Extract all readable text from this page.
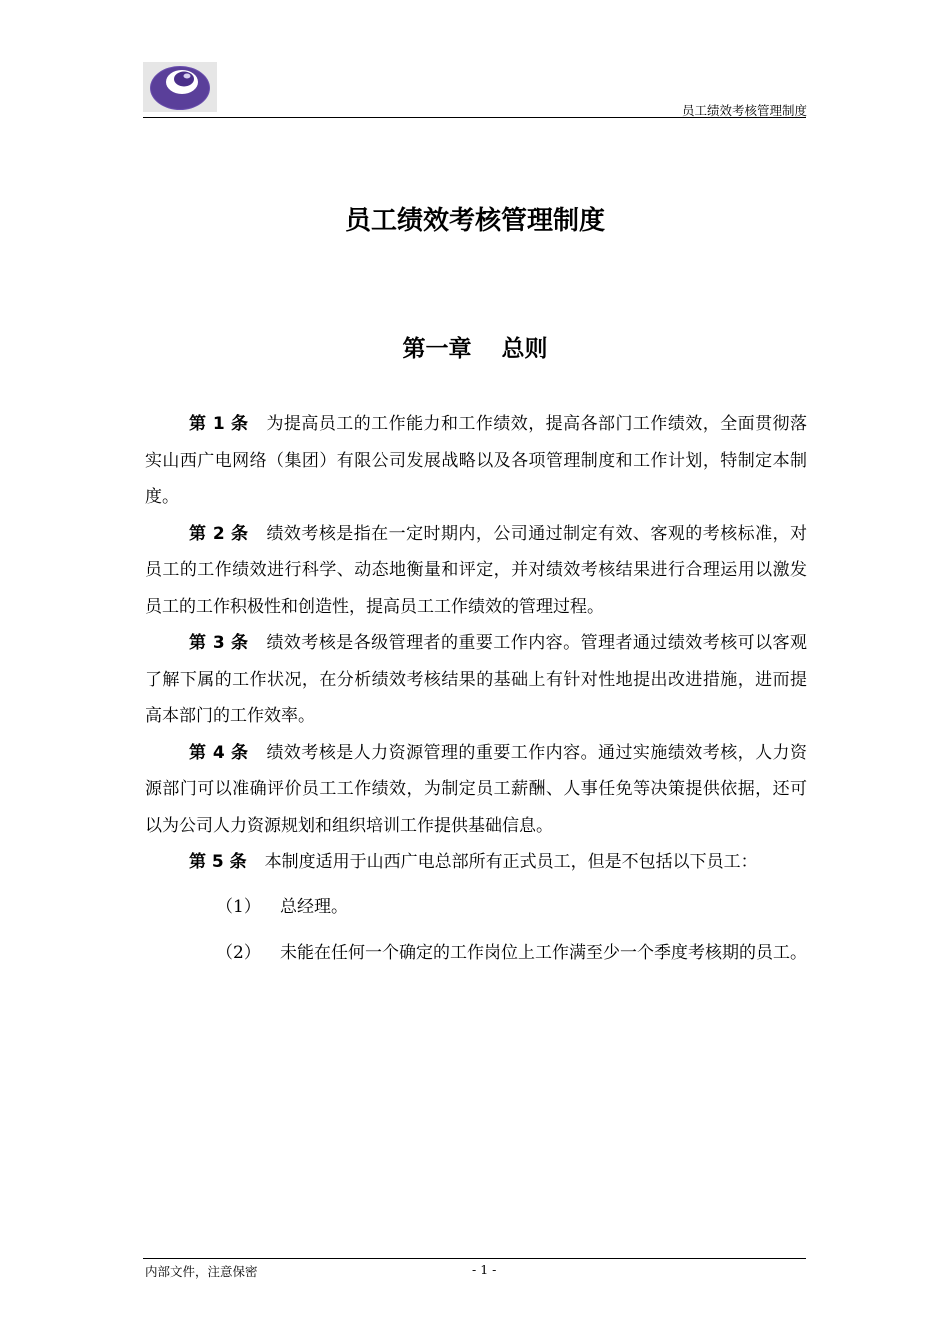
员工绩效考核管理制度
员工绩效考核管理制度
第一章 总则

第 1 条 为提高员工的工作能力和工作绩效，提高各部门工作绩效，全面贯彻落实山西广电网络（集团）有限公司发展战略以及各项管理制度和工作计划，特制定本制度。

第 2 条 绩效考核是指在一定时期内，公司通过制定有效、客观的考核标准，对员工的工作绩效进行科学、动态地衡量和评定，并对绩效考核结果进行合理运用以激发员工的工作积极性和创造性，提高员工工作绩效的管理过程。

第 3 条 绩效考核是各级管理者的重要工作内容。管理者通过绩效考核可以客观了解下属的工作状况，在分析绩效考核结果的基础上有针对性地提出改进措施，进而提高本部门的工作效率。

第 4 条 绩效考核是人力资源管理的重要工作内容。通过实施绩效考核，人力资源部门可以准确评价员工工作绩效，为制定员工薪酬、人事任免等决策提供依据，还可以为公司人力资源规划和组织培训工作提供基础信息。

第 5 条 本制度适用于山西广电总部所有正式员工，但是不包括以下员工：

（1）	总经理。
（2）	未能在任何一个确定的工作岗位上工作满至少一个季度考核期的员工。
内部文件，注意保密	- 1 -
